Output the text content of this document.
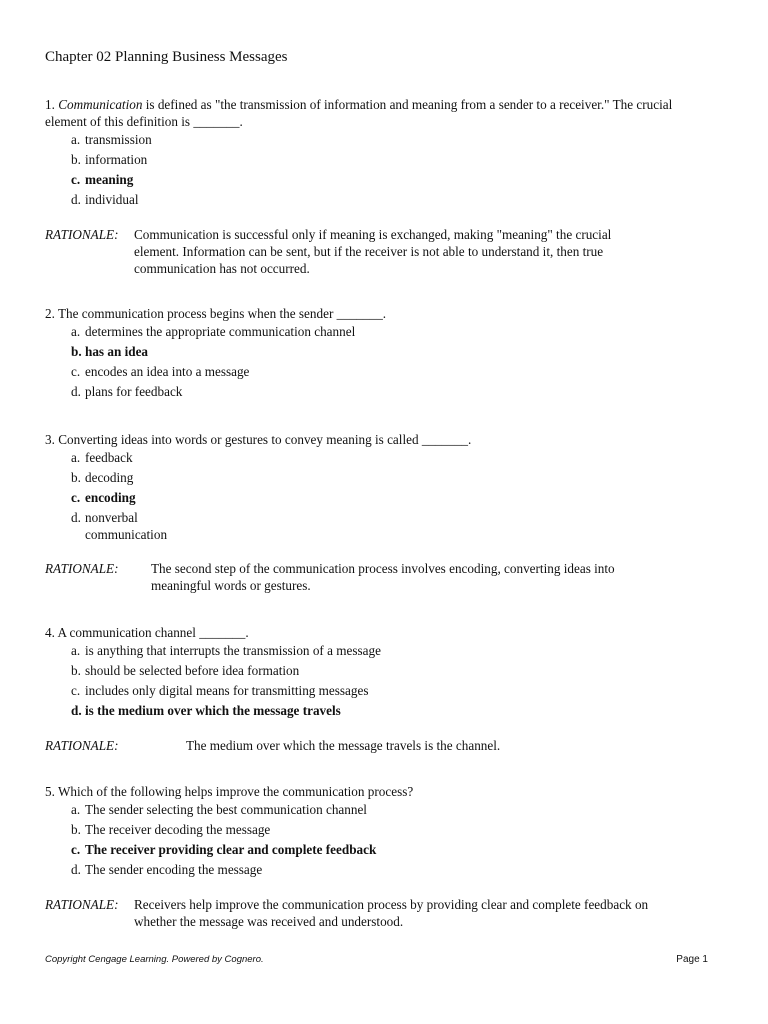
Chapter 02 Planning Business Messages

1. Communication is defined as "the transmission of information and meaning from a sender to a receiver." The crucial element of this definition is _______.

a. transmission
b. information
c. meaning
d. individual
RATIONALE:	Communication is successful only if meaning is exchanged, making "meaning" the crucial element. Information can be sent, but if the receiver is not able to understand it, then true communication has not occurred.

2. The communication process begins when the sender _______.

a. determines the appropriate communication channel
b. has an idea
c. encodes an idea into a message
d. plans for feedback

3. Converting ideas into words or gestures to convey meaning is called _______.

a. feedback
b. decoding
c. encoding
d. nonverbal communication
RATIONALE:	The second step of the communication process involves encoding, converting ideas into meaningful words or gestures.

4. A communication channel _______.

a. is anything that interrupts the transmission of a message
b. should be selected before idea formation
c. includes only digital means for transmitting messages
d. is the medium over which the message travels
RATIONALE:	The medium over which the message travels is the channel.

5. Which of the following helps improve the communication process?

a. The sender selecting the best communication channel
b. The receiver decoding the message
c. The receiver providing clear and complete feedback
d. The sender encoding the message
RATIONALE:	Receivers help improve the communication process by providing clear and complete feedback on whether the message was received and understood.
Copyright Cengage Learning. Powered by Cognero.	Page 1
